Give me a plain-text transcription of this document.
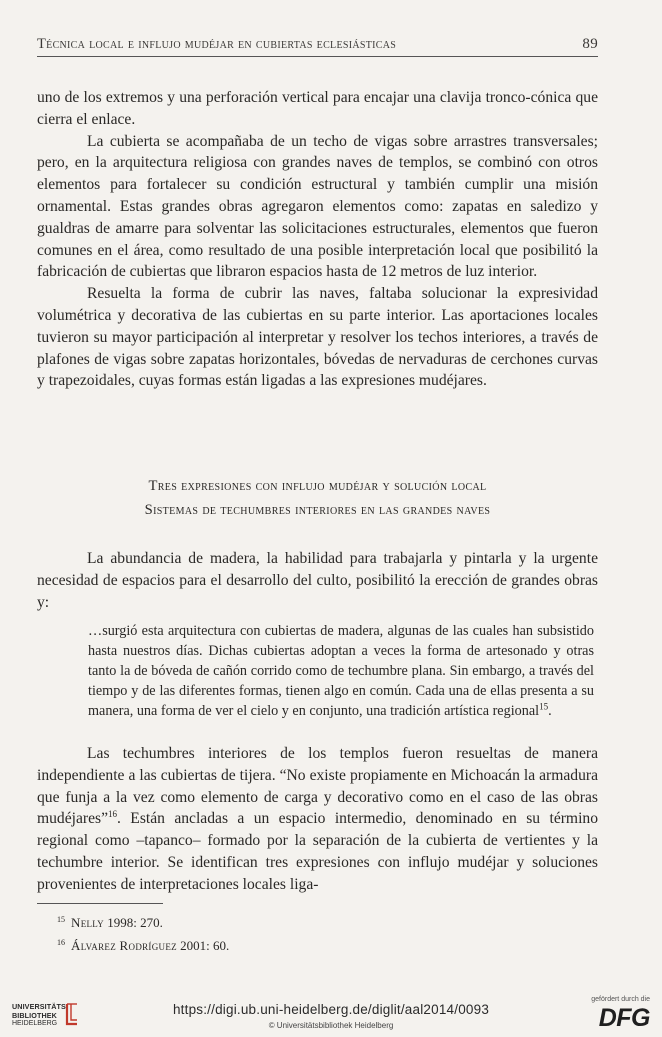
Técnica local e influjo mudéjar en cubiertas eclesiásticas	89

uno de los extremos y una perforación vertical para encajar una clavija tronco-cónica que cierra el enlace.

La cubierta se acompañaba de un techo de vigas sobre arrastres transversales; pero, en la arquitectura religiosa con grandes naves de templos, se combinó con otros elementos para fortalecer su condición estructural y también cumplir una misión ornamental. Estas grandes obras agregaron elementos como: zapatas en saledizo y gualdras de amarre para solventar las solicitaciones estructurales, elementos que fueron comunes en el área, como resultado de una posible interpretación local que posibilitó la fabricación de cubiertas que libraron espacios hasta de 12 metros de luz interior.

Resuelta la forma de cubrir las naves, faltaba solucionar la expresividad volumétrica y decorativa de las cubiertas en su parte interior. Las aportaciones locales tuvieron su mayor participación al interpretar y resolver los techos interiores, a través de plafones de vigas sobre zapatas horizontales, bóvedas de nervaduras de cerchones curvas y trapezoidales, cuyas formas están ligadas a las expresiones mudéjares.

Tres expresiones con influjo mudéjar y solución local
Sistemas de techumbres interiores en las grandes naves

La abundancia de madera, la habilidad para trabajarla y pintarla y la urgente necesidad de espacios para el desarrollo del culto, posibilitó la erección de grandes obras y:

…surgió esta arquitectura con cubiertas de madera, algunas de las cuales han subsistido hasta nuestros días. Dichas cubiertas adoptan a veces la forma de artesonado y otras tanto la de bóveda de cañón corrido como de techumbre plana. Sin embargo, a través del tiempo y de las diferentes formas, tienen algo en común. Cada una de ellas presenta a su manera, una forma de ver el cielo y en conjunto, una tradición artística regional$^{15}$.

Las techumbres interiores de los templos fueron resueltas de manera independiente a las cubiertas de tijera. “No existe propiamente en Michoacán la armadura que funja a la vez como elemento de carga y decorativo como en el caso de las obras mudéjares”$^{16}$. Están ancladas a un espacio intermedio, denominado en su término regional como –tapanco– formado por la separación de la cubierta de vertientes y la techumbre interior. Se identifican tres expresiones con influjo mudéjar y soluciones provenientes de interpretaciones locales liga-

$^{15}$ Nelly 1998: 270.
$^{16}$ Álvarez Rodríguez 2001: 60.
UNIVERSITÄTS-
BIBLIOTHEK
HEIDELBERG
https://digi.ub.uni-heidelberg.de/diglit/aal2014/0093
© Universitätsbibliothek Heidelberg
gefördert durch die
DFG
